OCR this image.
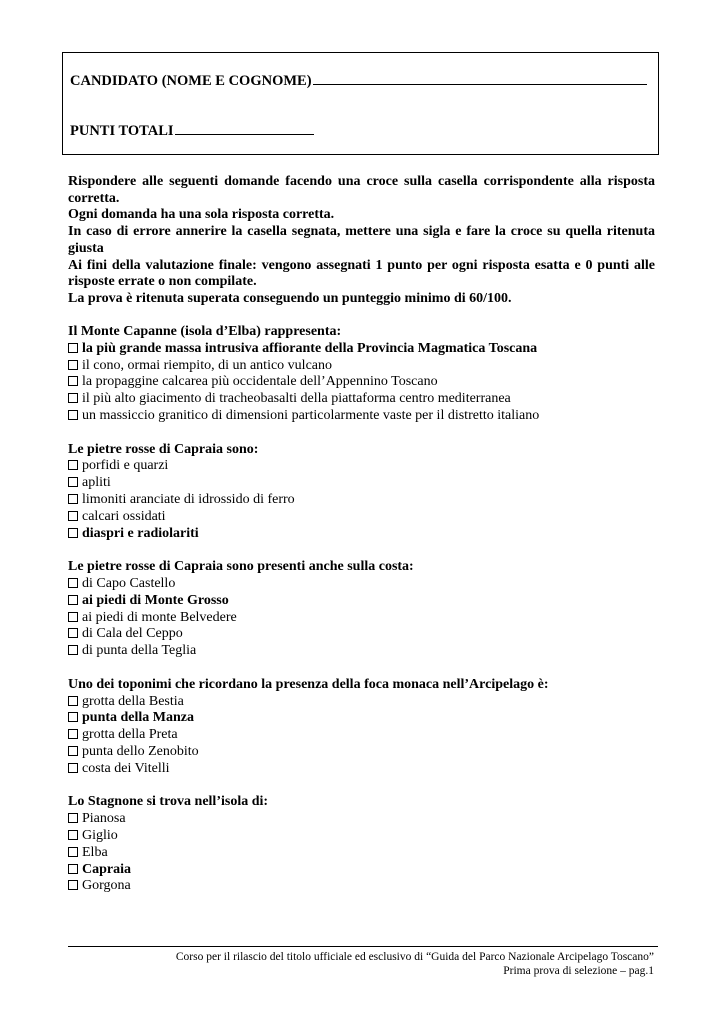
CANDIDATO (NOME E COGNOME)
PUNTI TOTALI

Rispondere alle seguenti domande facendo una croce sulla casella corrispondente alla risposta corretta.

Ogni domanda ha una sola risposta corretta.

In caso di errore annerire la casella segnata, mettere una sigla e fare la croce su quella ritenuta giusta

Ai fini della valutazione finale: vengono assegnati 1 punto per ogni risposta esatta e 0 punti alle risposte errate o non compilate.

La prova è ritenuta superata conseguendo un punteggio minimo di 60/100.

Il Monte Capanne (isola d’Elba) rappresenta:
la più grande massa intrusiva affiorante della Provincia Magmatica Toscana
il cono, ormai riempito, di un antico vulcano
la propaggine calcarea più occidentale dell’Appennino Toscano
il più alto giacimento di tracheobasalti della piattaforma centro mediterranea
un massiccio granitico di dimensioni particolarmente vaste per il distretto italiano
Le pietre rosse di Capraia sono:
porfidi e quarzi
apliti
limoniti aranciate di idrossido di ferro
calcari ossidati
diaspri e radiolariti
Le pietre rosse di Capraia sono presenti anche sulla costa:
di Capo Castello
ai piedi di Monte Grosso
ai piedi di monte Belvedere
di Cala del Ceppo
di punta della Teglia
Uno dei toponimi che ricordano la presenza della foca monaca nell’Arcipelago è:
grotta della Bestia
punta della Manza
grotta della Preta
punta dello Zenobito
costa dei Vitelli
Lo Stagnone si trova nell’isola di:
Pianosa
Giglio
Elba
Capraia
Gorgona
Corso per il rilascio del titolo ufficiale ed esclusivo di “Guida del Parco Nazionale Arcipelago Toscano”
Prima prova di selezione – pag.1
